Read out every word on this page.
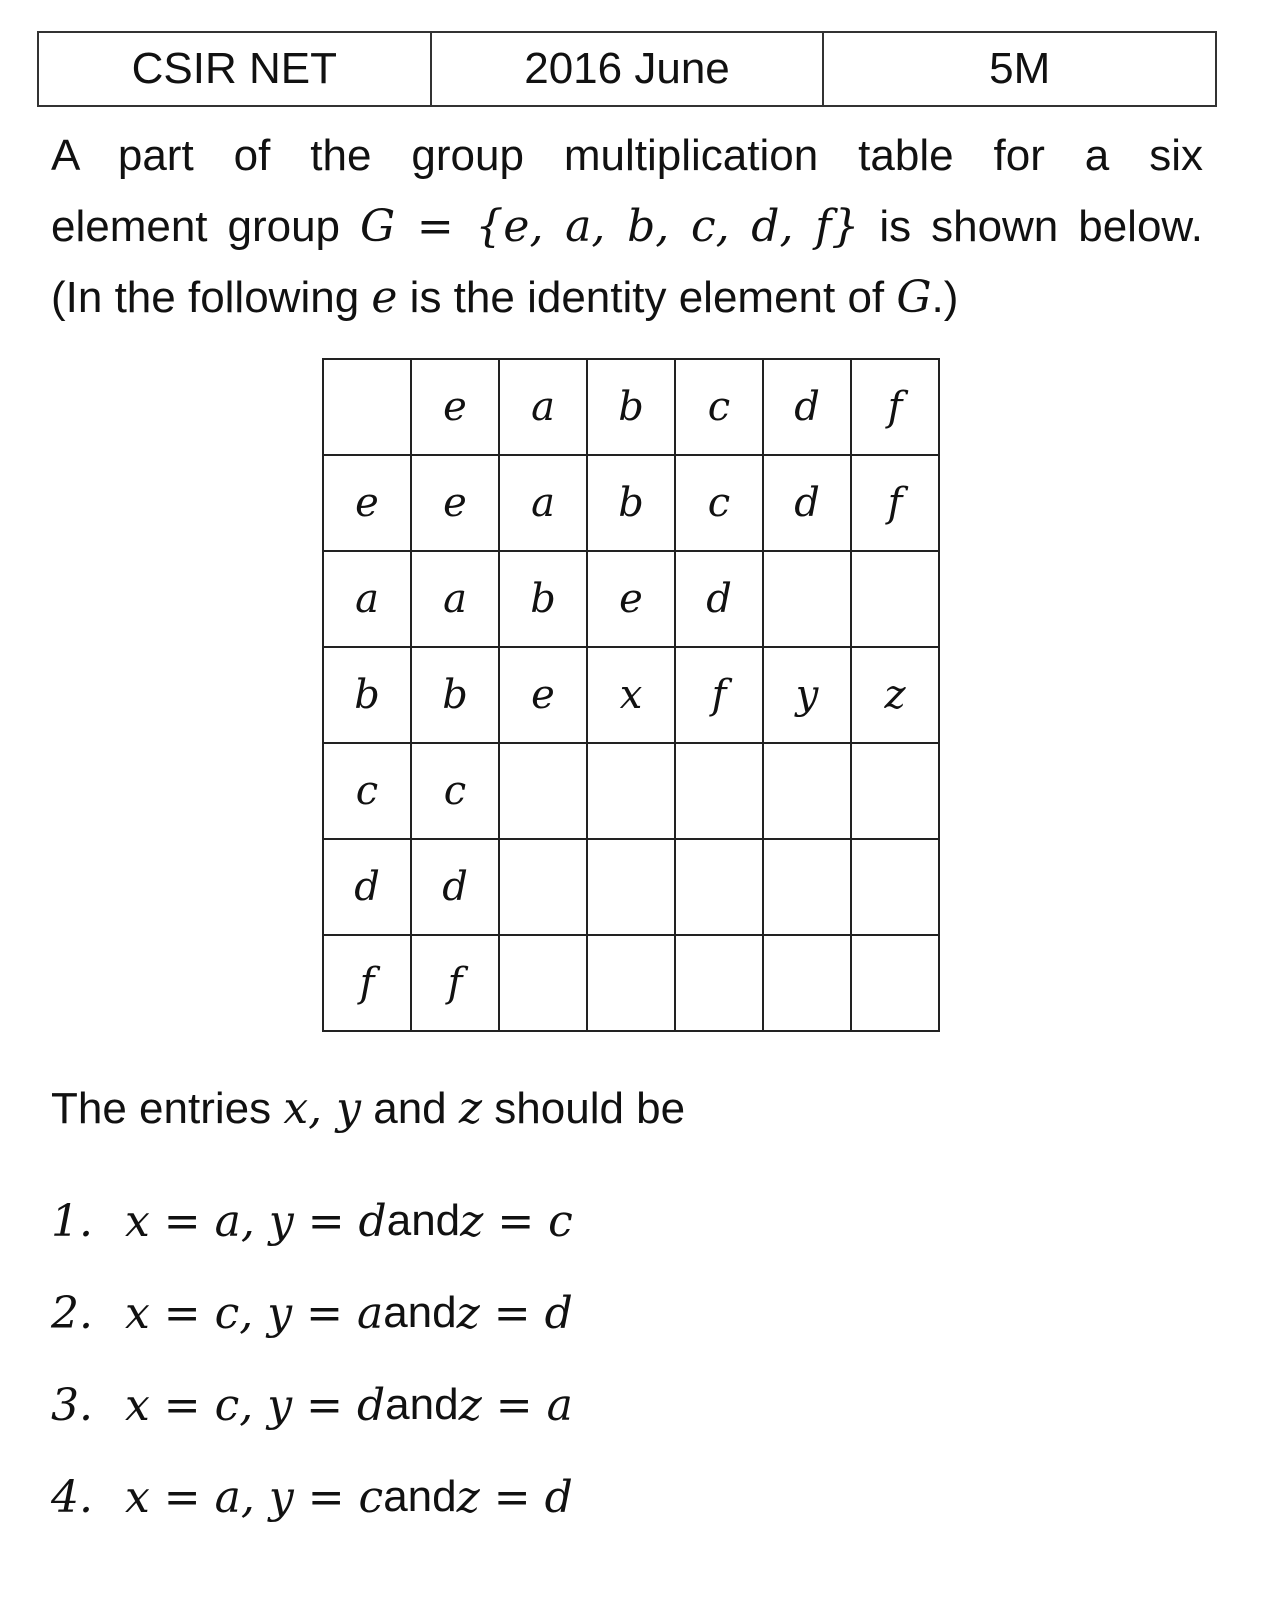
CSIR NET	2016 June	5M
A part of the group multiplication table for a six
element group G = {e, a, b, c, d, f} is shown below.
(In the following e is the identity element of G.)
	e	a	b	c	d	f
e	e	a	b	c	d	f
a	a	b	e	d		
b	b	e	x	f	y	z
c	c					
d	d					
f	f					
The entries x, y and z should be
1. x = a, y = d and z = c
2. x = c, y = a and z = d
3. x = c, y = d and z = a
4. x = a, y = c and z = d
